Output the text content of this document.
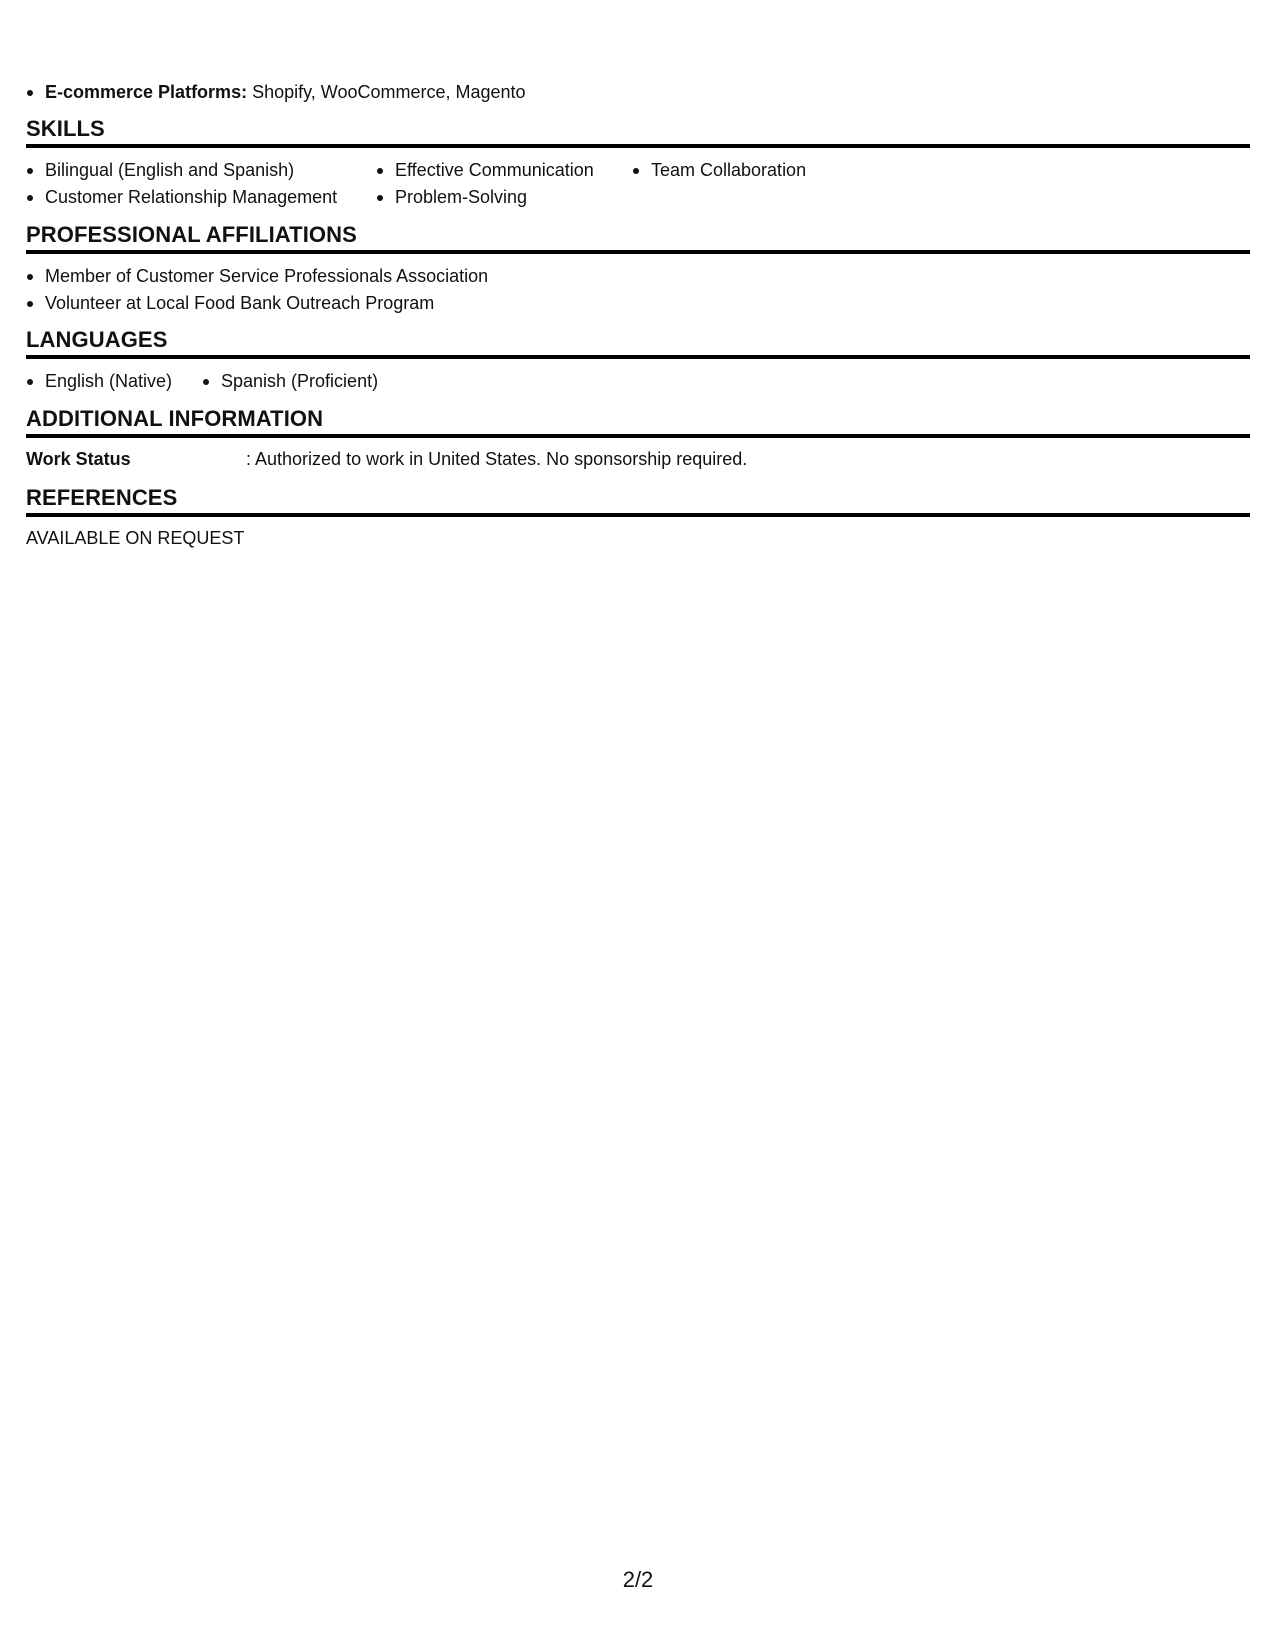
E-commerce Platforms: Shopify, WooCommerce, Magento
SKILLS
Bilingual (English and Spanish)
Customer Relationship Management
Effective Communication
Problem-Solving
Team Collaboration
PROFESSIONAL AFFILIATIONS
Member of Customer Service Professionals Association
Volunteer at Local Food Bank Outreach Program
LANGUAGES
English (Native)	Spanish (Proficient)
ADDITIONAL INFORMATION
Work Status	: Authorized to work in United States. No sponsorship required.
REFERENCES
AVAILABLE ON REQUEST
2/2
